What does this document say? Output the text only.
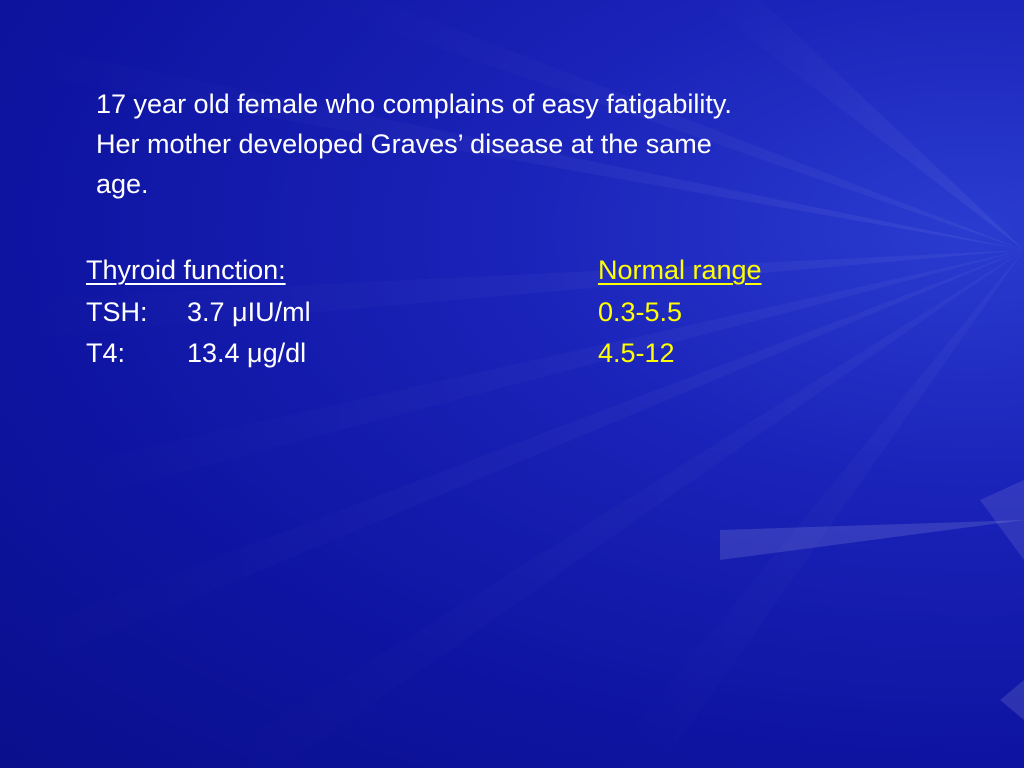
17 year old female who complains of easy fatigability.

Her mother developed Graves’ disease at the same

age.

Thyroid function:	Normal range
TSH: 3.7 μIU/ml	0.3-5.5
T4: 13.4 μg/dl	4.5-12
